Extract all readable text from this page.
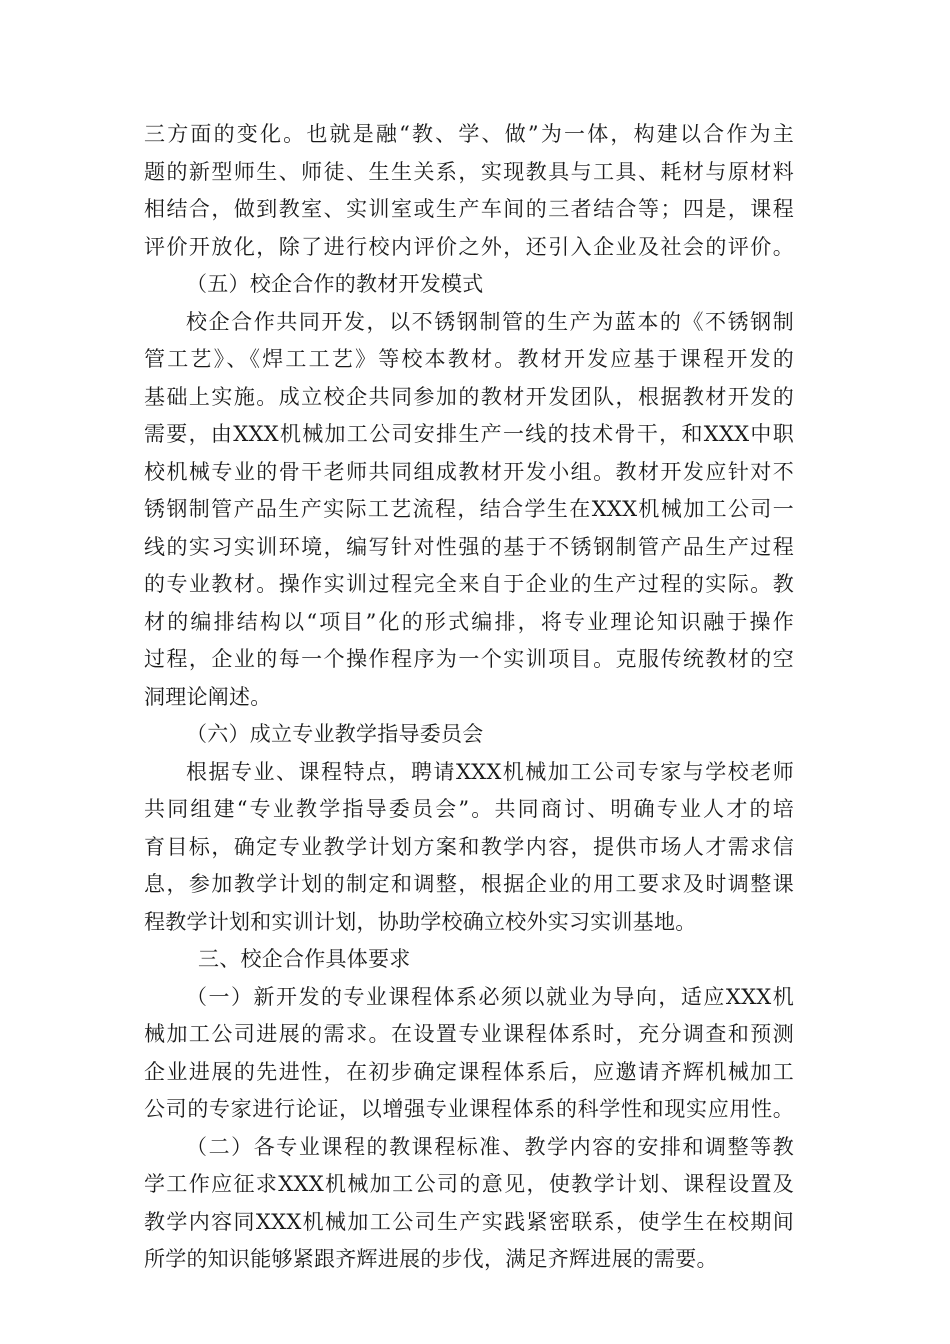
三方面的变化。也就是融“教、学、做”为一体，构建以合作为主
题的新型师生、师徒、生生关系，实现教具与工具、耗材与原材料
相结合，做到教室、实训室或生产车间的三者结合等；四是，课程
评价开放化，除了进行校内评价之外，还引入企业及社会的评价。
（五）校企合作的教材开发模式
校企合作共同开发，以不锈钢制管的生产为蓝本的《不锈钢制
管工艺》、《焊工工艺》等校本教材。教材开发应基于课程开发的
基础上实施。成立校企共同参加的教材开发团队，根据教材开发的
需要，由XXX机械加工公司安排生产一线的技术骨干，和XXX中职
校机械专业的骨干老师共同组成教材开发小组。教材开发应针对不
锈钢制管产品生产实际工艺流程，结合学生在XXX机械加工公司一
线的实习实训环境，编写针对性强的基于不锈钢制管产品生产过程
的专业教材。操作实训过程完全来自于企业的生产过程的实际。教
材的编排结构以“项目”化的形式编排，将专业理论知识融于操作
过程，企业的每一个操作程序为一个实训项目。克服传统教材的空
洞理论阐述。
（六）成立专业教学指导委员会
根据专业、课程特点，聘请XXX机械加工公司专家与学校老师
共同组建“专业教学指导委员会”。共同商讨、明确专业人才的培
育目标，确定专业教学计划方案和教学内容，提供市场人才需求信
息，参加教学计划的制定和调整，根据企业的用工要求及时调整课
程教学计划和实训计划，协助学校确立校外实习实训基地。
三、校企合作具体要求
（一）新开发的专业课程体系必须以就业为导向，适应XXX机
械加工公司进展的需求。在设置专业课程体系时，充分调查和预测
企业进展的先进性，在初步确定课程体系后，应邀请齐辉机械加工
公司的专家进行论证，以增强专业课程体系的科学性和现实应用性。
（二）各专业课程的教课程标准、教学内容的安排和调整等教
学工作应征求XXX机械加工公司的意见，使教学计划、课程设置及
教学内容同XXX机械加工公司生产实践紧密联系，使学生在校期间
所学的知识能够紧跟齐辉进展的步伐，满足齐辉进展的需要。
